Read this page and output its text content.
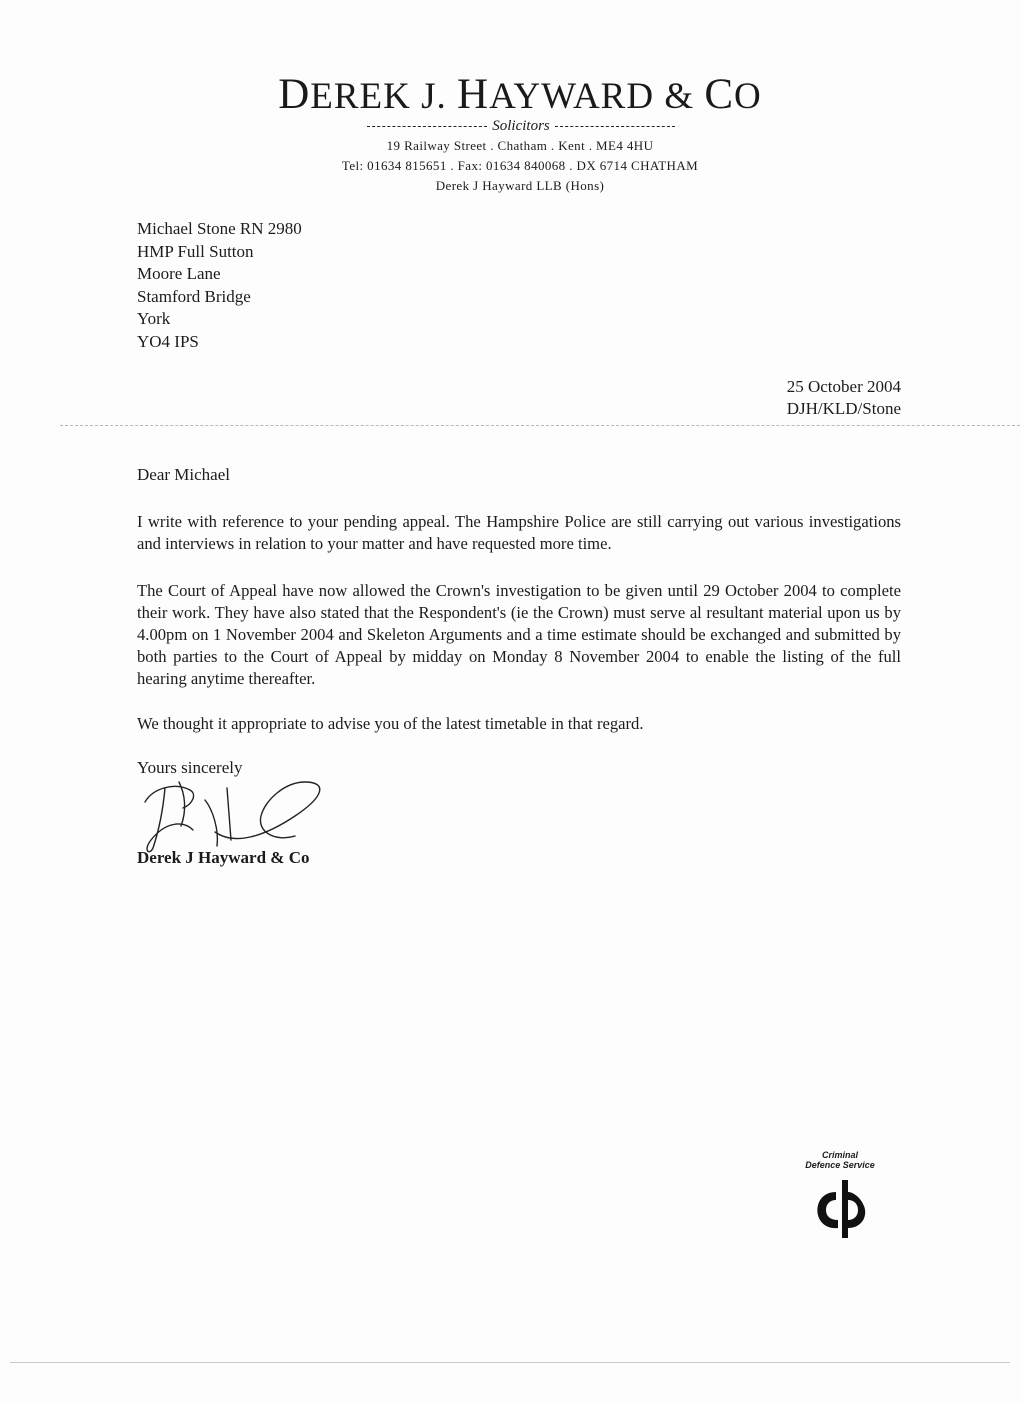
DEREK J. HAYWARD & CO
Solicitors
19 Railway Street . Chatham . Kent . ME4 4HU
Tel: 01634 815651 . Fax: 01634 840068 . DX 6714 CHATHAM
Derek J Hayward LLB (Hons)
Michael Stone RN 2980
HMP Full Sutton
Moore Lane
Stamford Bridge
York
YO4 IPS
25 October 2004
DJH/KLD/Stone
Dear Michael
I write with reference to your pending appeal. The Hampshire Police are still carrying out various investigations and interviews in relation to your matter and have requested more time.
The Court of Appeal have now allowed the Crown's investigation to be given until 29 October 2004 to complete their work. They have also stated that the Respondent's (ie the Crown) must serve al resultant material upon us by 4.00pm on 1 November 2004 and Skeleton Arguments and a time estimate should be exchanged and submitted by both parties to the Court of Appeal by midday on Monday 8 November 2004 to enable the listing of the full hearing anytime thereafter.
We thought it appropriate to advise you of the latest timetable in that regard.
Yours sincerely
Derek J Hayward & Co
Criminal
Defence Service
